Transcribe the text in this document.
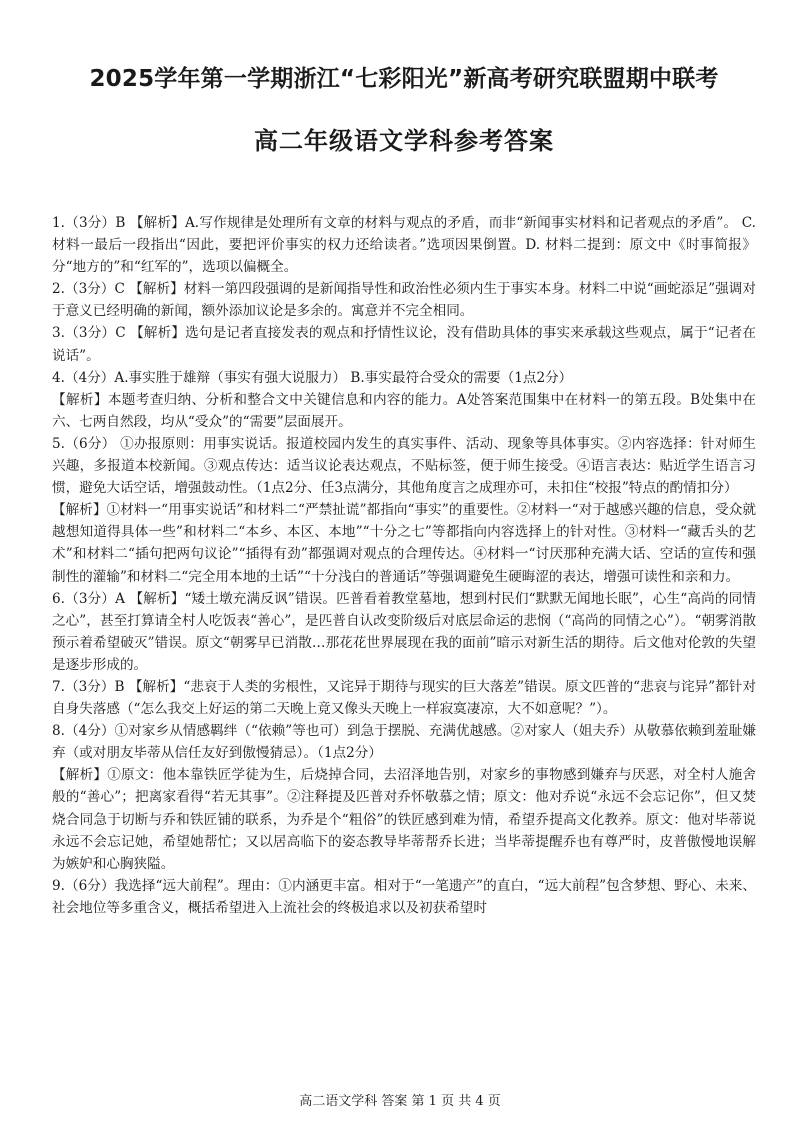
2025学年第一学期浙江“七彩阳光”新高考研究联盟期中联考
高二年级语文学科参考答案

1.（3分）B 【解析】A.写作规律是处理所有文章的材料与观点的矛盾，而非“新闻事实材料和记者观点的矛盾”。 C.材料一最后一段指出“因此，要把评价事实的权力还给读者。”选项因果倒置。D. 材料二提到：原文中《时事简报》分“地方的”和“红军的”，选项以偏概全。

2.（3分）C 【解析】材料一第四段强调的是新闻指导性和政治性必须内生于事实本身。材料二中说“画蛇添足”强调对于意义已经明确的新闻，额外添加议论是多余的。寓意并不完全相同。

3.（3分）C 【解析】选句是记者直接发表的观点和抒情性议论，没有借助具体的事实来承载这些观点，属于“记者在说话”。

4.（4分）A.事实胜于雄辩（事实有强大说服力） B.事实最符合受众的需要（1点2分）

【解析】本题考查归纳、分析和整合文中关键信息和内容的能力。A处答案范围集中在材料一的第五段。B处集中在六、七两自然段，均从“受众”的“需要”层面展开。

5.（6分） ①办报原则：用事实说话。报道校园内发生的真实事件、活动、现象等具体事实。②内容选择：针对师生兴趣，多报道本校新闻。③观点传达：适当议论表达观点，不贴标签，便于师生接受。④语言表达：贴近学生语言习惯，避免大话空话，增强鼓动性。（1点2分、任3点满分，其他角度言之成理亦可，未扣住“校报”特点的酌情扣分）

【解析】①材料一“用事实说话”和材料二“严禁扯谎”都指向“事实”的重要性。②材料一“对于越感兴趣的信息，受众就越想知道得具体一些”和材料二“本乡、本区、本地”“十分之七”等都指向内容选择上的针对性。③材料一“藏舌头的艺术”和材料二“插句把两句议论”“插得有劲”都强调对观点的合理传达。④材料一“讨厌那种充满大话、空话的宣传和强制性的灌输”和材料二“完全用本地的土话”“十分浅白的普通话”等强调避免生硬晦涩的表达，增强可读性和亲和力。

6.（3分）A 【解析】“矮土墩充满反讽”错误。匹普看着教堂墓地，想到村民们“默默无闻地长眠”，心生“高尚的同情之心”，甚至打算请全村人吃饭表“善心”，是匹普自认改变阶级后对底层命运的悲悯（“高尚的同情之心”）。“朝雾消散预示着希望破灭”错误。原文“朝雾早已消散…那花花世界展现在我的面前”暗示对新生活的期待。后文他对伦敦的失望是逐步形成的。

7.（3分）B 【解析】“悲哀于人类的劣根性，又诧异于期待与现实的巨大落差”错误。原文匹普的“悲哀与诧异”都针对自身失落感（“怎么我交上好运的第二天晚上竟又像头天晚上一样寂寞凄凉，大不如意呢？”）。

8.（4分）①对家乡从情感羁绊（“依赖”等也可）到急于摆脱、充满优越感。②对家人（姐夫乔）从敬慕依赖到羞耻嫌弃（或对朋友毕蒂从信任友好到傲慢猜忌）。（1点2分）

【解析】①原文：他本靠铁匠学徒为生，后烧掉合同，去沼泽地告别，对家乡的事物感到嫌弃与厌恶，对全村人施舍般的“善心”；把离家看得“若无其事”。②注释提及匹普对乔怀敬慕之情；原文：他对乔说“永远不会忘记你”，但又焚烧合同急于切断与乔和铁匠铺的联系，为乔是个“粗俗”的铁匠感到难为情，希望乔提高文化教养。原文：他对毕蒂说永远不会忘记她，希望她帮忙；又以居高临下的姿态教导毕蒂帮乔长进；当毕蒂提醒乔也有尊严时，皮普傲慢地误解为嫉妒和心胸狭隘。

9.（6分）我选择“远大前程”。理由：①内涵更丰富。相对于“一笔遗产”的直白，“远大前程”包含梦想、野心、未来、社会地位等多重含义，概括希望进入上流社会的终极追求以及初获希望时

高二语文学科 答案 第 1 页 共 4 页
